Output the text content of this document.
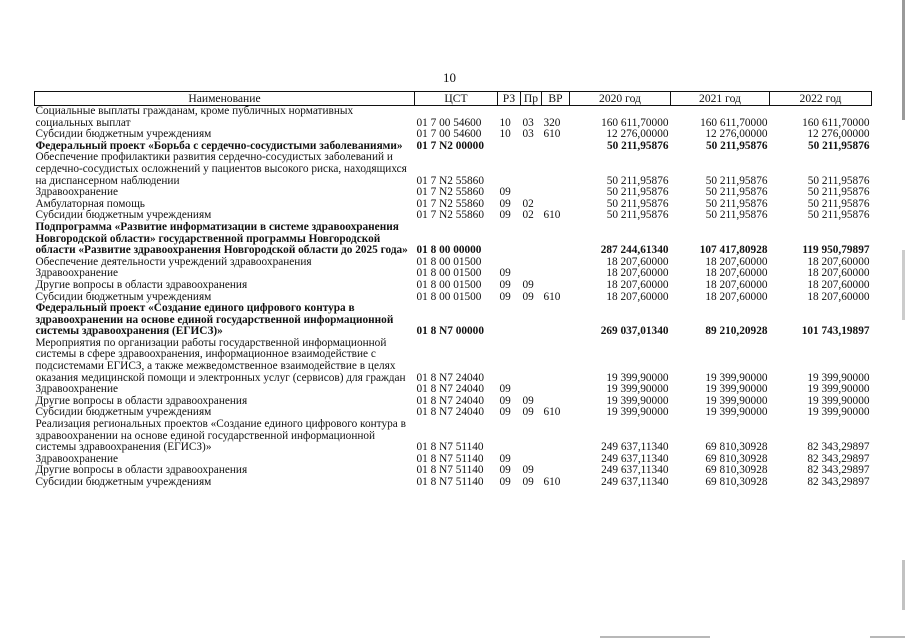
10
Наименование	ЦСТ	РЗ	Пр	ВР	2020 год	2021 год	2022 год
Социальные выплаты гражданам, кроме публичных нормативных социальных выплат	01 7 00 54600	10	03	320	160 611,70000	160 611,70000	160 611,70000
Субсидии бюджетным учреждениям	01 7 00 54600	10	03	610	12 276,00000	12 276,00000	12 276,00000
Федеральный проект «Борьба с сердечно-сосудистыми заболеваниями»	01 7 N2 00000				50 211,95876	50 211,95876	50 211,95876
Обеспечение профилактики развития сердечно-сосудистых заболеваний и сердечно-сосудистых осложнений у пациентов высокого риска, находящихся на диспансерном наблюдении	01 7 N2 55860				50 211,95876	50 211,95876	50 211,95876
Здравоохранение	01 7 N2 55860	09			50 211,95876	50 211,95876	50 211,95876
Амбулаторная помощь	01 7 N2 55860	09	02		50 211,95876	50 211,95876	50 211,95876
Субсидии бюджетным учреждениям	01 7 N2 55860	09	02	610	50 211,95876	50 211,95876	50 211,95876
Подпрограмма «Развитие информатизации в системе здравоохранения Новгородской области» государственной программы Новгородской области «Развитие здравоохранения Новгородской области до 2025 года»	01 8 00 00000				287 244,61340	107 417,80928	119 950,79897
Обеспечение деятельности учреждений здравоохранения	01 8 00 01500				18 207,60000	18 207,60000	18 207,60000
Здравоохранение	01 8 00 01500	09			18 207,60000	18 207,60000	18 207,60000
Другие вопросы в области здравоохранения	01 8 00 01500	09	09		18 207,60000	18 207,60000	18 207,60000
Субсидии бюджетным учреждениям	01 8 00 01500	09	09	610	18 207,60000	18 207,60000	18 207,60000
Федеральный проект «Создание единого цифрового контура в здравоохранении на основе единой государственной информационной системы здравоохранения (ЕГИСЗ)»	01 8 N7 00000				269 037,01340	89 210,20928	101 743,19897
Мероприятия по организации работы государственной информационной системы в сфере здравоохранения, информационное взаимодействие с подсистемами ЕГИСЗ, а также межведомственное взаимодействие в целях оказания медицинской помощи и электронных услуг (сервисов) для граждан	01 8 N7 24040				19 399,90000	19 399,90000	19 399,90000
Здравоохранение	01 8 N7 24040	09			19 399,90000	19 399,90000	19 399,90000
Другие вопросы в области здравоохранения	01 8 N7 24040	09	09		19 399,90000	19 399,90000	19 399,90000
Субсидии бюджетным учреждениям	01 8 N7 24040	09	09	610	19 399,90000	19 399,90000	19 399,90000
Реализация региональных проектов «Создание единого цифрового контура в здравоохранении на основе единой государственной информационной системы здравоохранения (ЕГИСЗ)»	01 8 N7 51140				249 637,11340	69 810,30928	82 343,29897
Здравоохранение	01 8 N7 51140	09			249 637,11340	69 810,30928	82 343,29897
Другие вопросы в области здравоохранения	01 8 N7 51140	09	09		249 637,11340	69 810,30928	82 343,29897
Субсидии бюджетным учреждениям	01 8 N7 51140	09	09	610	249 637,11340	69 810,30928	82 343,29897
